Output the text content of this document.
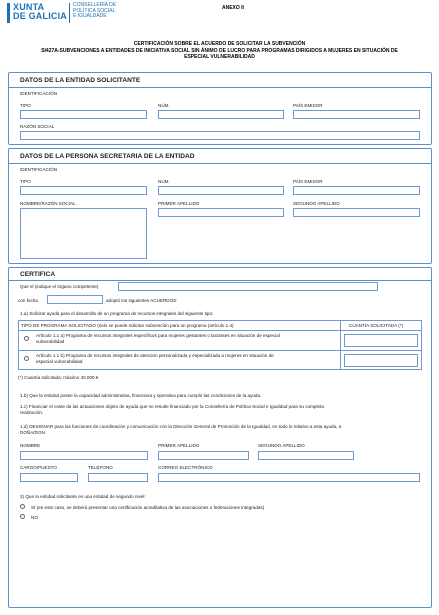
XUNTA
DE GALICIA
CONSELLERÍA DE
POLÍTICA SOCIAL
E IGUALDADE
ANEXO II
CERTIFICACIÓN SOBRE EL ACUERDO DE SOLICITAR LA SUBVENCIÓN
SI427A-SUBVENCIONES A ENTIDADES DE INICIATIVA SOCIAL SIN ÁNIMO DE LUCRO PARA PROGRAMAS DIRIGIDOS A MUJERES EN SITUACIÓN DE
ESPECIAL VULNERABILIDAD
DATOS DE LA ENTIDAD SOLICITANTE
IDENTIFICACIÓN
TIPO	NÚM.	PAÍS EMISOR
RAZÓN SOCIAL
DATOS DE LA PERSONA SECRETARIA DE LA ENTIDAD
IDENTIFICACIÓN
TIPO	NÚM.	PAÍS EMISOR
NOMBRE/RAZÓN SOCIAL	PRIMER APELLIDO	SEGUNDO APELLIDO
CERTIFICA
Que el (indique el órgano competente)
con fecha	adoptó los siguientes ACUERDOS:
1.a) Solicitar ayuda para el desarrollo de un programa de recursos integrales del siguiente tipo:
TIPO DE PROGRAMA SOLICITADO (solo se puede solicitar subvención para un programa (artículo 1.4)	CUANTÍA SOLICITADA (*)
Artículo 1.1 a) Programa de recursos integrales específicos para mujeres gestantes o lactantes en situación de especial
vulnerabilidad
Artículo 1.1 b) Programa de recursos integrales de atención personalizada y especializada a mujeres en situación de
especial vulnerabilidad
(*) Cuantía solicitada: máximo 40.000 €
1.b) Que la entidad posee la capacidad administrativa, financiera y operativa para cumplir las condiciones de la ayuda.
1.c) Financiar el coste de las actuaciones objeto de ayuda que no resulte financiado por la Consellería de Política Social e Igualdad para su completa
realización.
1.d) DESIGNAR para las funciones de coordinación y comunicación con la Dirección General de Promoción de la Igualdad, en todo lo relativo a esta ayuda, a
DOÑA/DON
NOMBRE	PRIMER APELLIDO	SEGUNDO APELLIDO
CARGO/PUESTO	TELÉFONO	CORREO ELECTRÓNICO
2) Que la entidad solicitante es una entidad de segundo nivel:
SÍ (en este caso, se deberá presentar una certificación acreditativa de las asociaciones o federaciones integradas)
NO
